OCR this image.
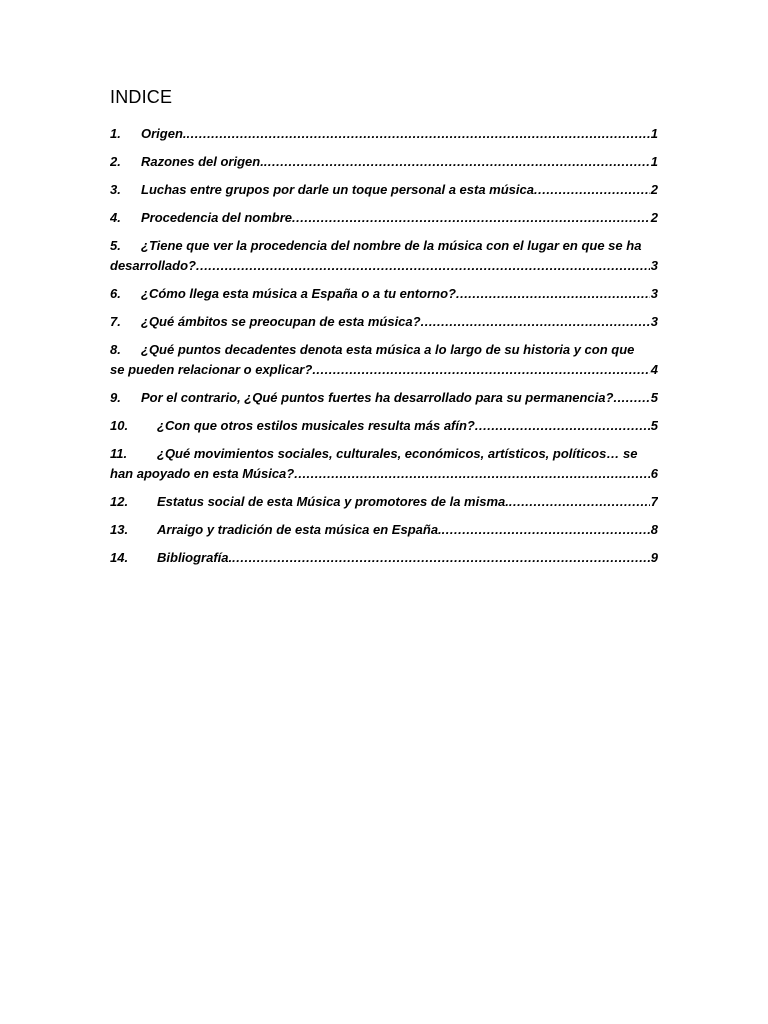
INDICE
1.	Origen. .....	1
2.	Razones del origen. .....	1
3.	Luchas entre grupos por darle un toque personal a esta música .....	2
4.	Procedencia del nombre .....	2
5.	¿Tiene que ver la procedencia del nombre de la música con el lugar en que se ha
desarrollado? .....	3
6.	¿Cómo llega esta música a España o a tu entorno? .....	3
7.	¿Qué ámbitos se preocupan de esta música? .....	3
8.	¿Qué puntos decadentes denota esta música a lo largo de su historia y con que
se pueden relacionar o explicar? .....	4
9.	Por el contrario, ¿Qué puntos fuertes ha desarrollado para su permanencia? .....	5
10.	¿Con que otros estilos musicales resulta más afín? .....	5
11.	¿Qué movimientos sociales, culturales, económicos, artísticos, políticos… se
han apoyado en esta Música? .....	6
12.	Estatus social de esta Música y promotores de la misma. .....	7
13.	Arraigo y tradición de esta música en España. .....	8
14.	Bibliografía. .....	9
